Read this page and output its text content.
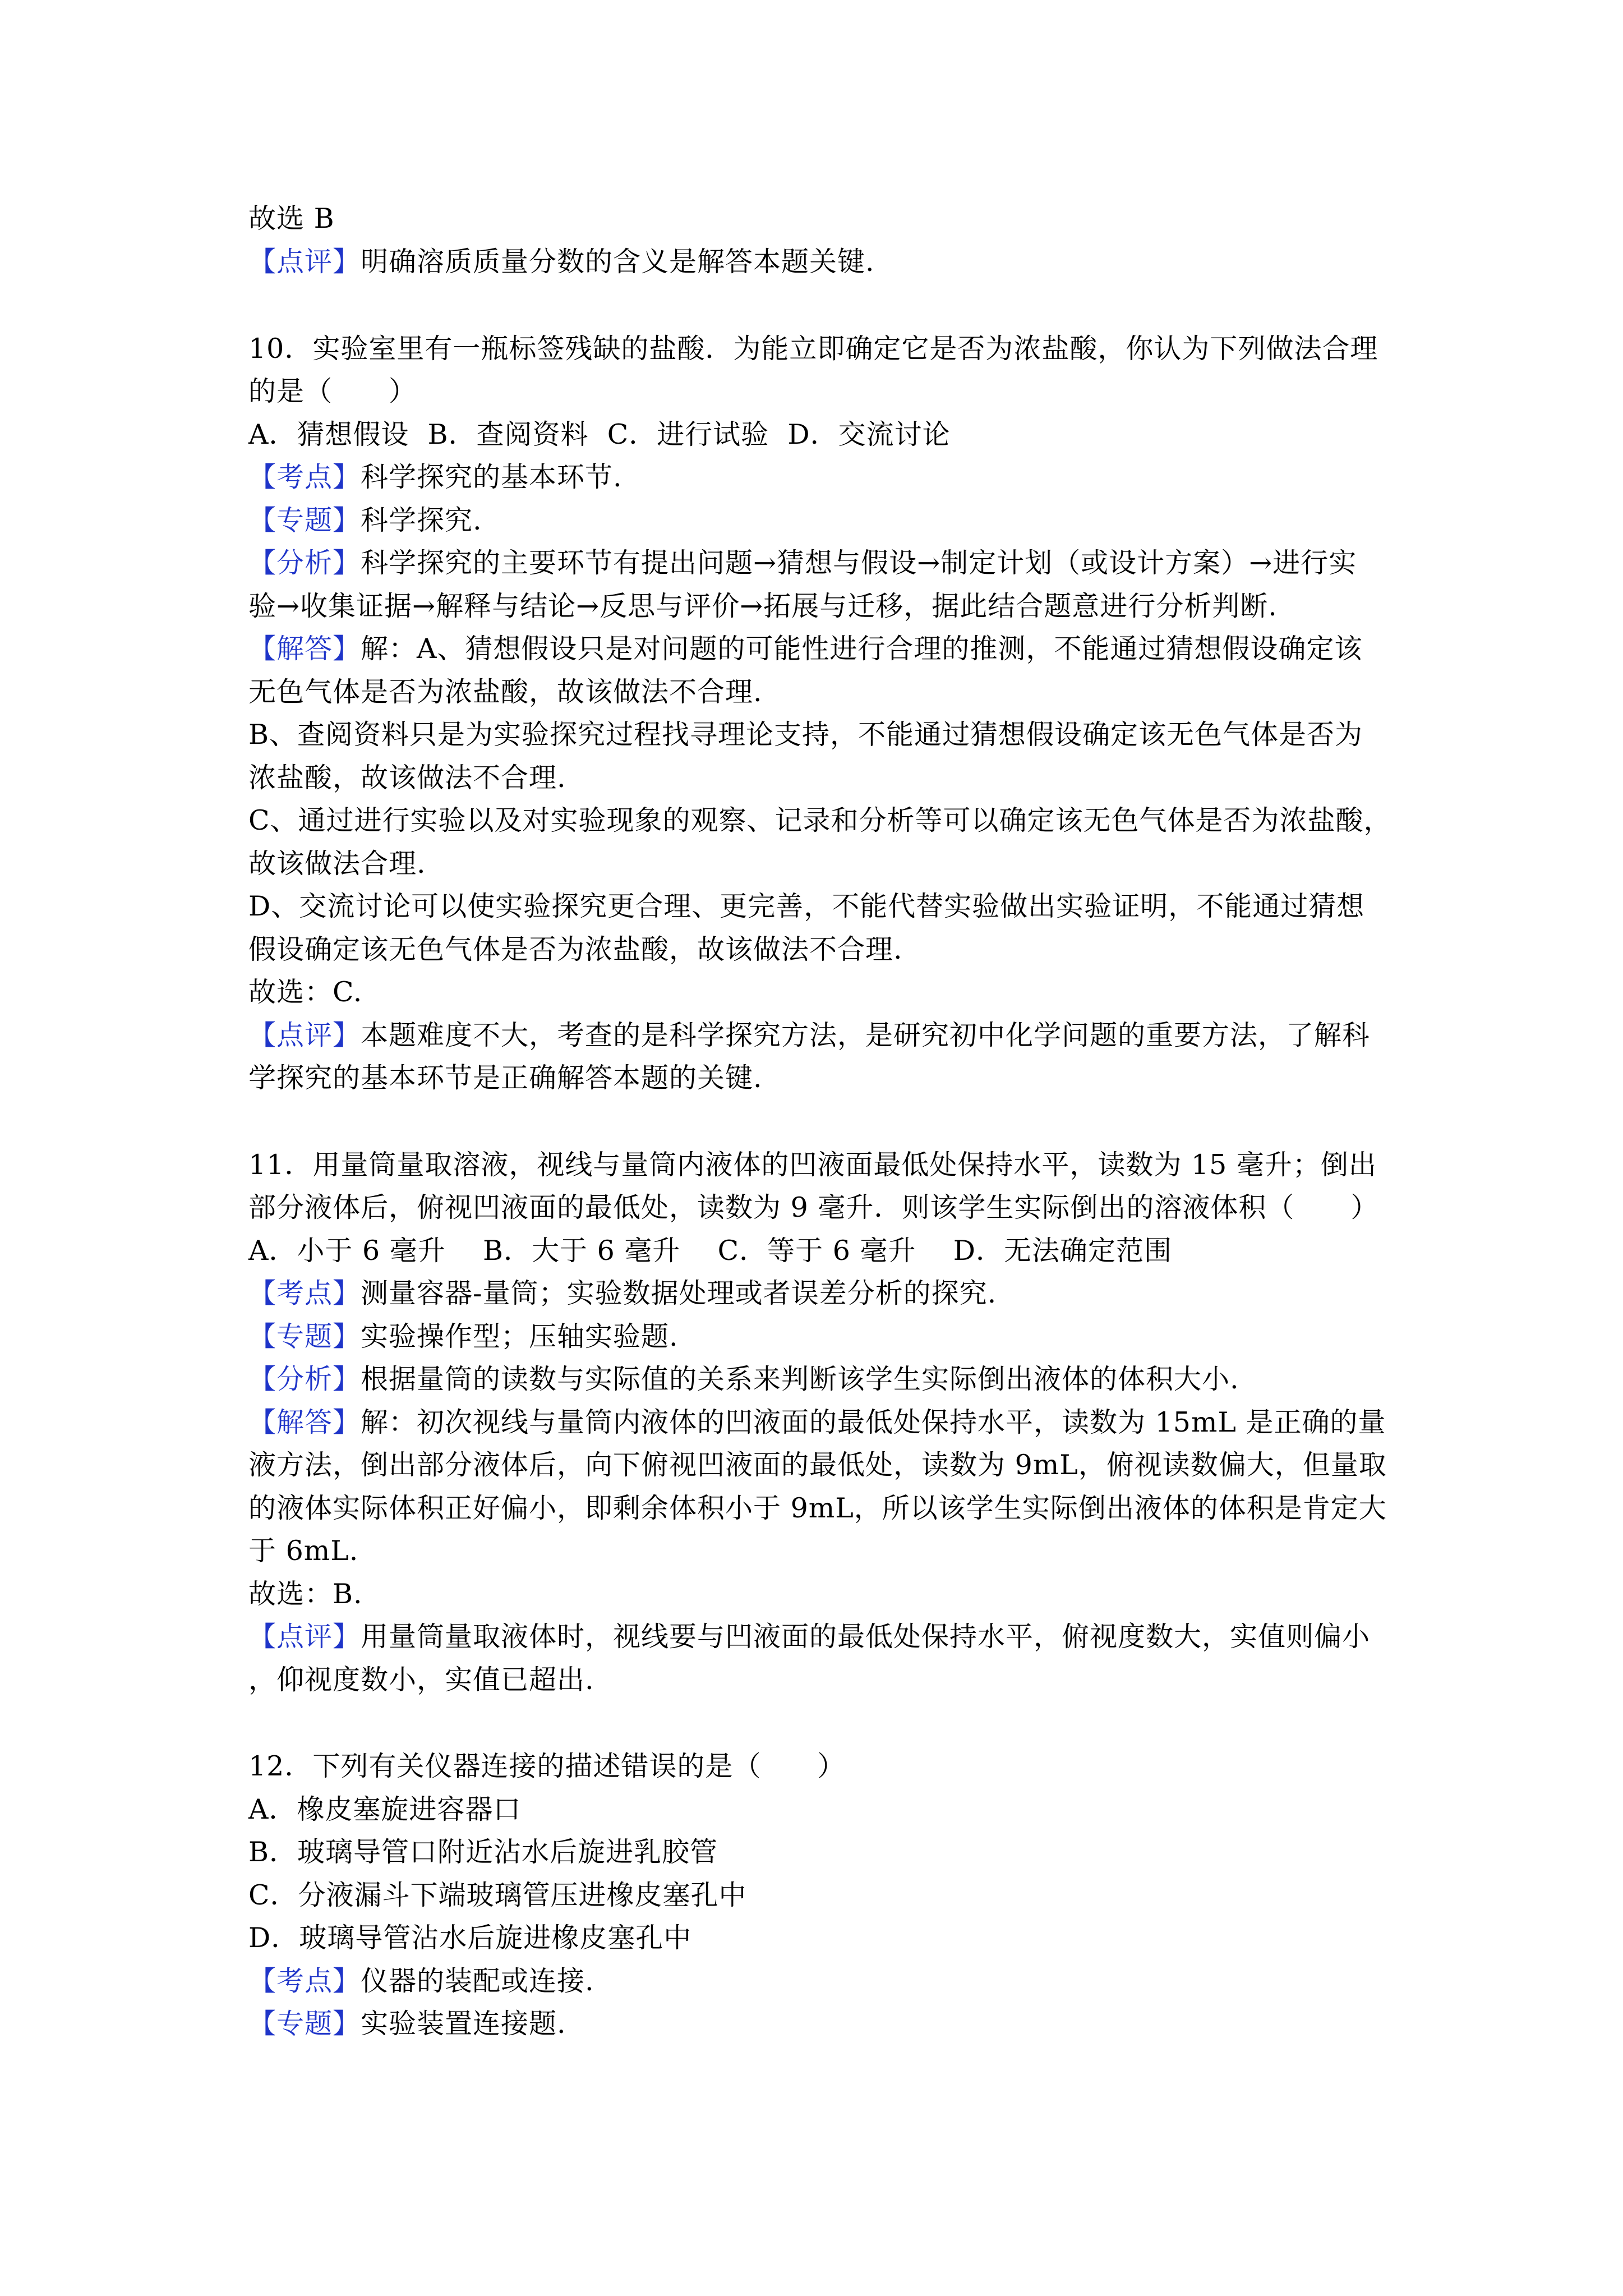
故选 B
【点评】明确溶质质量分数的含义是解答本题关键.
10．实验室里有一瓶标签残缺的盐酸．为能立即确定它是否为浓盐酸，你认为下列做法合理
的是（　　）
A．猜想假设  B．查阅资料  C．进行试验  D．交流讨论
【考点】科学探究的基本环节.
【专题】科学探究.
【分析】科学探究的主要环节有提出问题→猜想与假设→制定计划（或设计方案）→进行实
验→收集证据→解释与结论→反思与评价→拓展与迁移，据此结合题意进行分析判断.
【解答】解：A、猜想假设只是对问题的可能性进行合理的推测，不能通过猜想假设确定该
无色气体是否为浓盐酸，故该做法不合理.
B、查阅资料只是为实验探究过程找寻理论支持，不能通过猜想假设确定该无色气体是否为
浓盐酸，故该做法不合理.
C、通过进行实验以及对实验现象的观察、记录和分析等可以确定该无色气体是否为浓盐酸，
故该做法合理.
D、交流讨论可以使实验探究更合理、更完善，不能代替实验做出实验证明，不能通过猜想
假设确定该无色气体是否为浓盐酸，故该做法不合理.
故选：C.
【点评】本题难度不大，考查的是科学探究方法，是研究初中化学问题的重要方法，了解科
学探究的基本环节是正确解答本题的关键.
11．用量筒量取溶液，视线与量筒内液体的凹液面最低处保持水平，读数为 15 毫升；倒出
部分液体后，俯视凹液面的最低处，读数为 9 毫升．则该学生实际倒出的溶液体积（　　）
A．小于 6 毫升    B．大于 6 毫升    C．等于 6 毫升    D．无法确定范围
【考点】测量容器-量筒；实验数据处理或者误差分析的探究.
【专题】实验操作型；压轴实验题.
【分析】根据量筒的读数与实际值的关系来判断该学生实际倒出液体的体积大小.
【解答】解：初次视线与量筒内液体的凹液面的最低处保持水平，读数为 15mL 是正确的量
液方法，倒出部分液体后，向下俯视凹液面的最低处，读数为 9mL，俯视读数偏大，但量取
的液体实际体积正好偏小，即剩余体积小于 9mL，所以该学生实际倒出液体的体积是肯定大
于 6mL.
故选：B.
【点评】用量筒量取液体时，视线要与凹液面的最低处保持水平，俯视度数大，实值则偏小
，仰视度数小，实值已超出.
12．下列有关仪器连接的描述错误的是（　　）
A．橡皮塞旋进容器口
B．玻璃导管口附近沾水后旋进乳胶管
C．分液漏斗下端玻璃管压进橡皮塞孔中
D．玻璃导管沾水后旋进橡皮塞孔中
【考点】仪器的装配或连接.
【专题】实验装置连接题.
